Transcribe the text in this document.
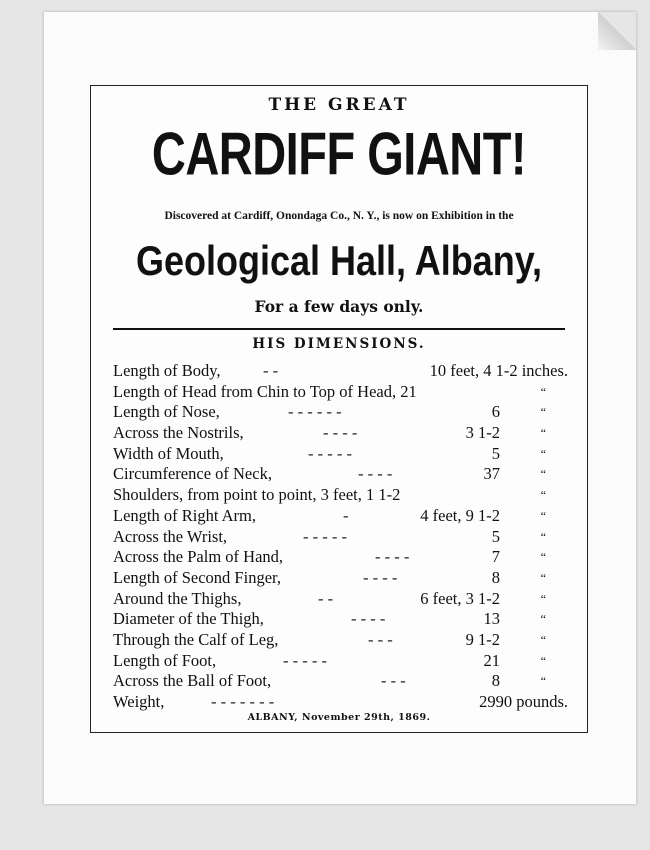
THE GREAT
CARDIFF GIANT!
Discovered at Cardiff, Onondaga Co., N. Y., is now on Exhibition in the
Geological Hall, Albany,
For a few days only.
HIS DIMENSIONS.
Length of Body,	- -	10 feet, 4 1-2 inches.
Length of Head from Chin to Top of Head, 21	“
Length of Nose,	- - - - - -	6	“
Across the Nostrils,	- - - -	3 1-2	“
Width of Mouth,	- - - - -	5	“
Circumference of Neck,	- - - -	37	“
Shoulders, from point to point, 3 feet, 1 1-2	“
Length of Right Arm,	-	4 feet, 9 1-2	“
Across the Wrist,	- - - - -	5	“
Across the Palm of Hand,	- - - -	7	“
Length of Second Finger,	- - - -	8	“
Around the Thighs,	- -	6 feet, 3 1-2	“
Diameter of the Thigh,	- - - -	13	“
Through the Calf of Leg,	- - -	9 1-2	“
Length of Foot,	- - - - -	21	“
Across the Ball of Foot,	- - -	8	“
Weight,	- - - - - - -	2990 pounds.
ALBANY, November 29th, 1869.
